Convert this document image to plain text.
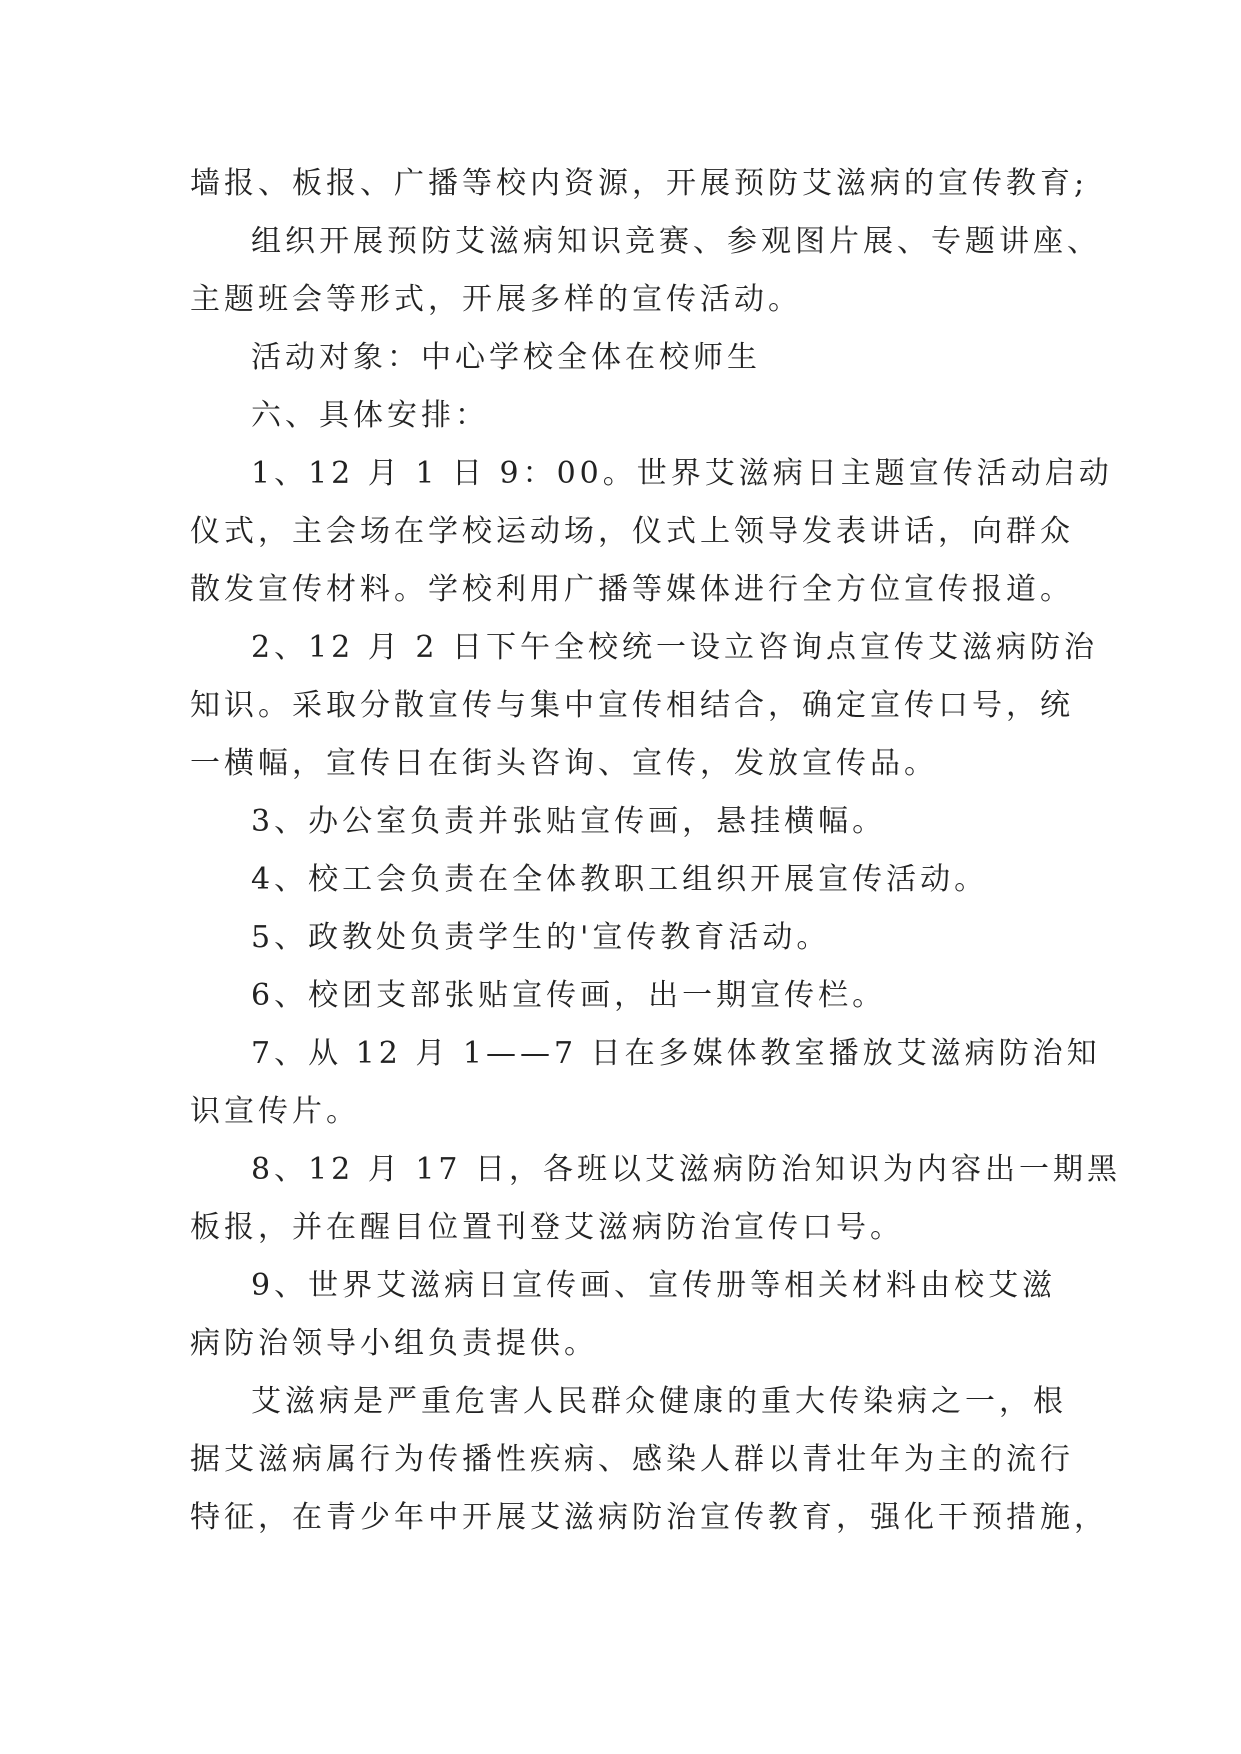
墙报、板报、广播等校内资源，开展预防艾滋病的宣传教育;
组织开展预防艾滋病知识竞赛、参观图片展、专题讲座、
主题班会等形式，开展多样的宣传活动。
活动对象：中心学校全体在校师生
六、具体安排：
1、12 月 1 日 9：00。世界艾滋病日主题宣传活动启动
仪式，主会场在学校运动场，仪式上领导发表讲话，向群众
散发宣传材料。学校利用广播等媒体进行全方位宣传报道。
2、12 月 2 日下午全校统一设立咨询点宣传艾滋病防治
知识。采取分散宣传与集中宣传相结合，确定宣传口号，统
一横幅，宣传日在街头咨询、宣传，发放宣传品。
3、办公室负责并张贴宣传画，悬挂横幅。
4、校工会负责在全体教职工组织开展宣传活动。
5、政教处负责学生的'宣传教育活动。
6、校团支部张贴宣传画，出一期宣传栏。
7、从 12 月 1——7 日在多媒体教室播放艾滋病防治知
识宣传片。
8、12 月 17 日，各班以艾滋病防治知识为内容出一期黑
板报，并在醒目位置刊登艾滋病防治宣传口号。
9、世界艾滋病日宣传画、宣传册等相关材料由校艾滋
病防治领导小组负责提供。
艾滋病是严重危害人民群众健康的重大传染病之一，根
据艾滋病属行为传播性疾病、感染人群以青壮年为主的流行
特征，在青少年中开展艾滋病防治宣传教育，强化干预措施，
